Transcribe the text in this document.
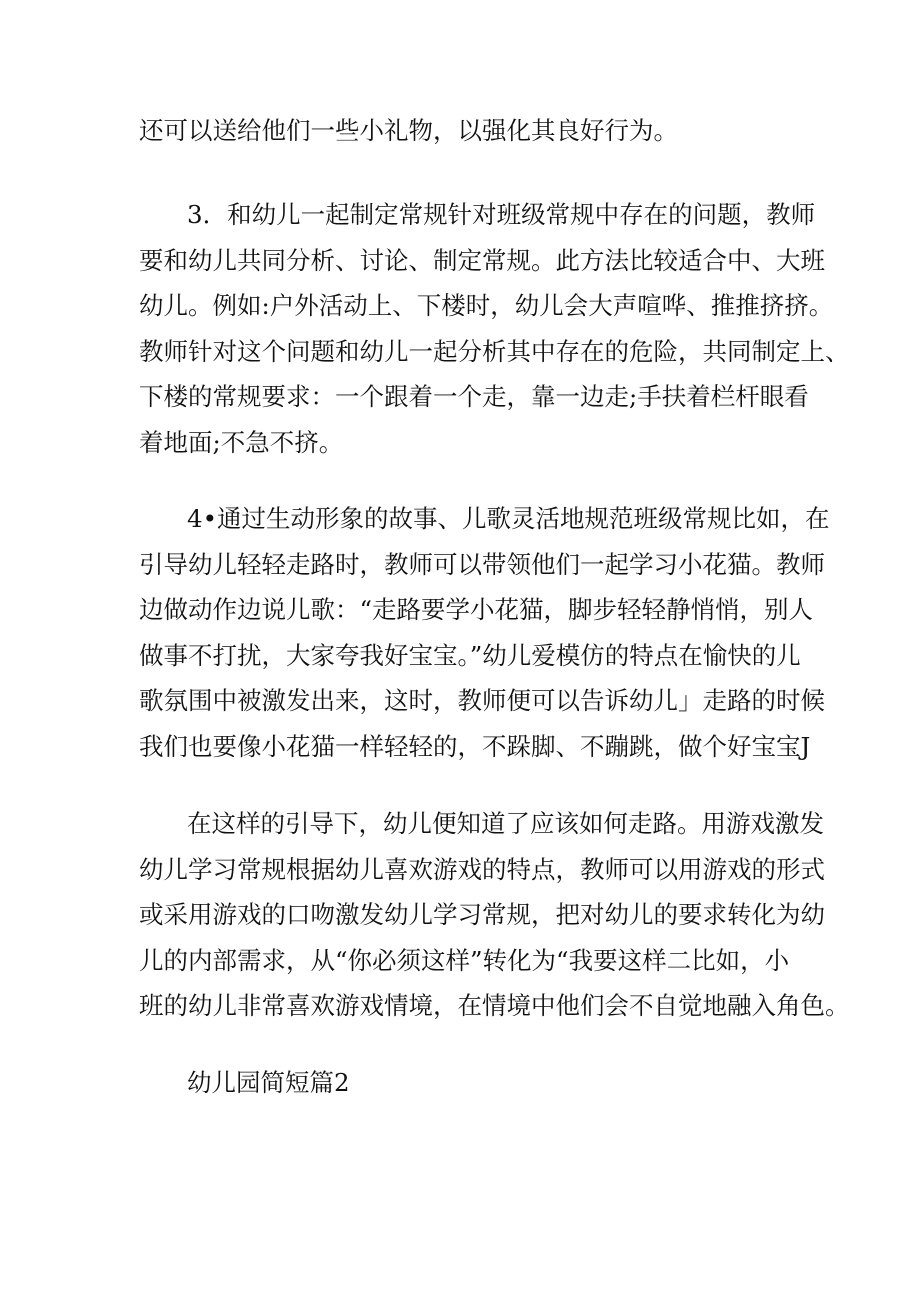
还可以送给他们一些小礼物，以强化其良好行为。

3．和幼儿一起制定常规针对班级常规中存在的问题，教师
要和幼儿共同分析、讨论、制定常规。此方法比较适合中、大班
幼儿。例如:户外活动上、下楼时，幼儿会大声喧哗、推推挤挤。
教师针对这个问题和幼儿一起分析其中存在的危险，共同制定上、
下楼的常规要求：一个跟着一个走，靠一边走;手扶着栏杆眼看
着地面;不急不挤。

4•通过生动形象的故事、儿歌灵活地规范班级常规比如，在
引导幼儿轻轻走路时，教师可以带领他们一起学习小花猫。教师
边做动作边说儿歌：“走路要学小花猫，脚步轻轻静悄悄，别人
做事不打扰，大家夸我好宝宝。”幼儿爱模仿的特点在愉快的儿
歌氛围中被激发出来，这时，教师便可以告诉幼儿」走路的时候
我们也要像小花猫一样轻轻的，不跺脚、不蹦跳，做个好宝宝J

在这样的引导下，幼儿便知道了应该如何走路。用游戏激发
幼儿学习常规根据幼儿喜欢游戏的特点，教师可以用游戏的形式
或采用游戏的口吻激发幼儿学习常规，把对幼儿的要求转化为幼
儿的内部需求，从“你必须这样”转化为“我要这样二比如，小
班的幼儿非常喜欢游戏情境，在情境中他们会不自觉地融入角色。

幼儿园简短篇2
